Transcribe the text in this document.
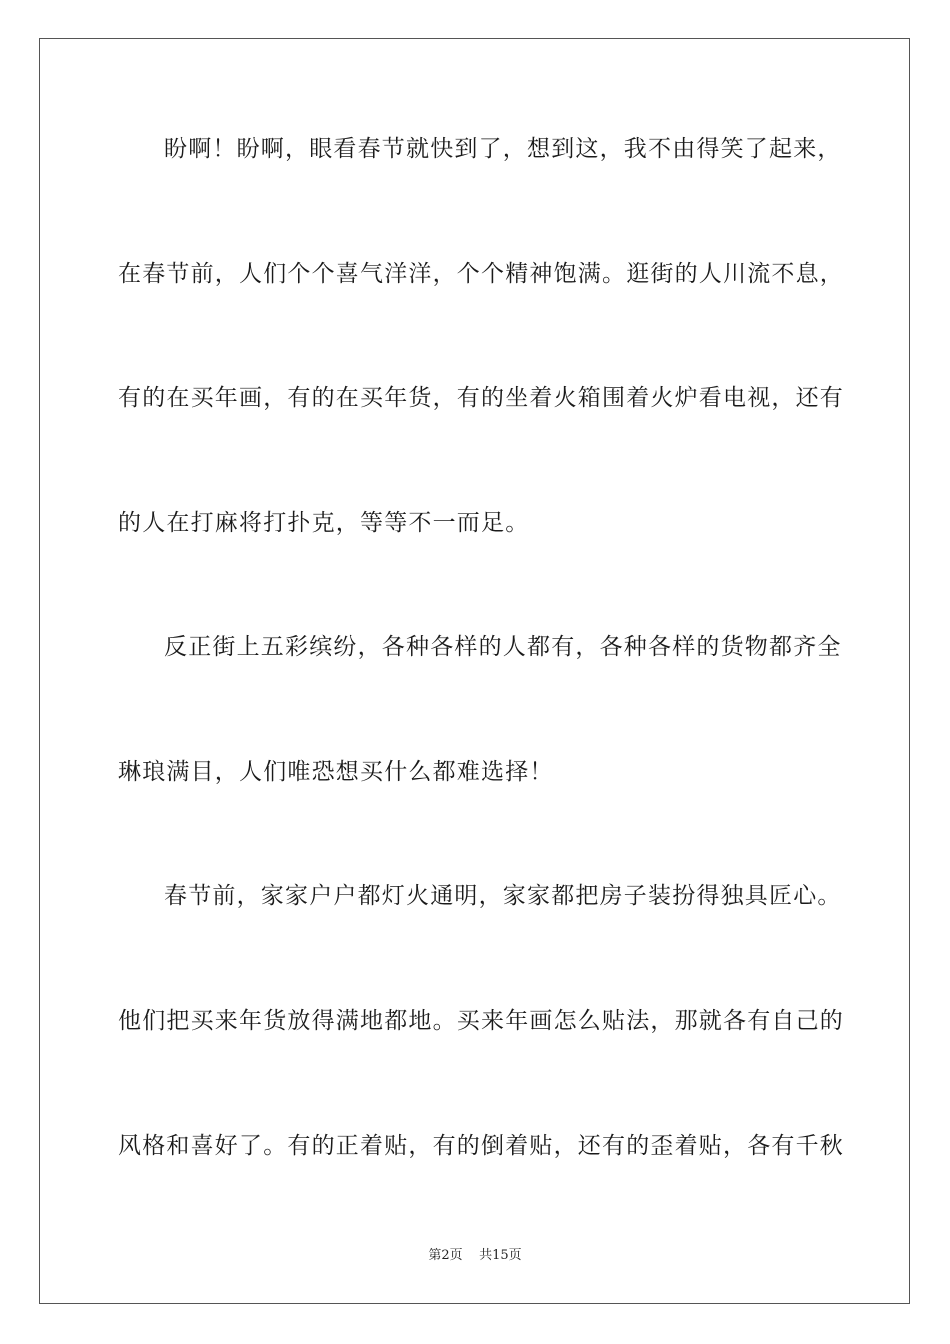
盼啊！盼啊，眼看春节就快到了，想到这，我不由得笑了起来，
在春节前，人们个个喜气洋洋，个个精神饱满。逛街的人川流不息，
有的在买年画，有的在买年货，有的坐着火箱围着火炉看电视，还有
的人在打麻将打扑克，等等不一而足。
反正街上五彩缤纷，各种各样的人都有，各种各样的货物都齐全
琳琅满目，人们唯恐想买什么都难选择！
春节前，家家户户都灯火通明，家家都把房子装扮得独具匠心。
他们把买来年货放得满地都地。买来年画怎么贴法，那就各有自己的
风格和喜好了。有的正着贴，有的倒着贴，还有的歪着贴，各有千秋
第2页 共15页
